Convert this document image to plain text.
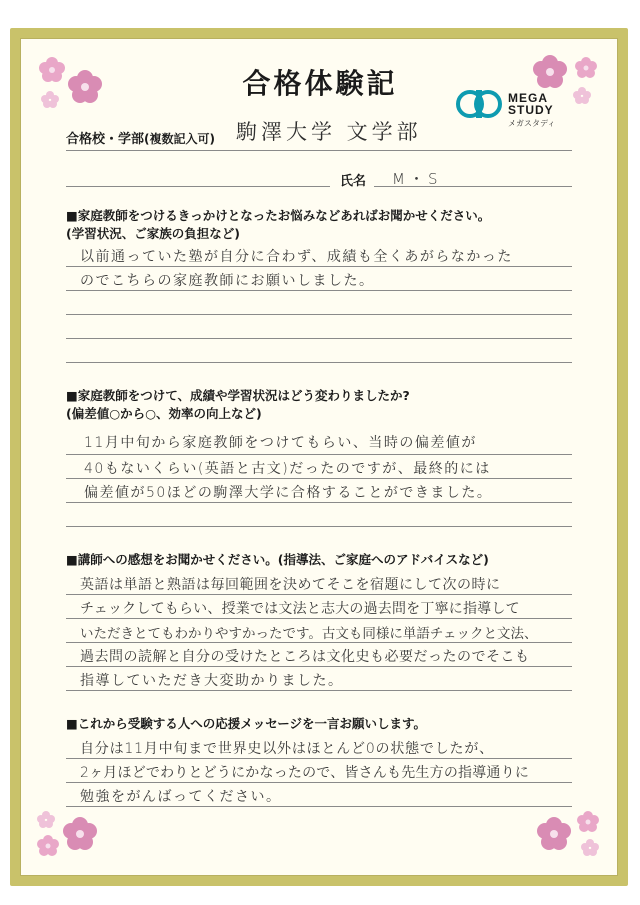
合格体験記	MEGA
STUDY
メガスタディ
合格校・学部(複数記入可) 駒澤大学 文学部
氏名 M・S
■家庭教師をつけるきっかけとなったお悩みなどあればお聞かせください。
(学習状況、ご家族の負担など)
以前通っていた塾が自分に合わず、成績も全くあがらなかった
のでこちらの家庭教師にお願いしました。
■家庭教師をつけて、成績や学習状況はどう変わりましたか?
(偏差値○から○、効率の向上など)
11月中旬から家庭教師をつけてもらい、当時の偏差値が
40もないくらい(英語と古文)だったのですが、最終的には
偏差値が50ほどの駒澤大学に合格することができました。
■講師への感想をお聞かせください。(指導法、ご家庭へのアドバイスなど)
英語は単語と熟語は毎回範囲を決めてそこを宿題にして次の時に
チェックしてもらい、授業では文法と志大の過去問を丁寧に指導して
いただきとてもわかりやすかったです。古文も同様に単語チェックと文法、
過去問の読解と自分の受けたところは文化史も必要だったのでそこも
指導していただき大変助かりました。
■これから受験する人への応援メッセージを一言お願いします。
自分は11月中旬まで世界史以外はほとんど0の状態でしたが、
2ヶ月ほどでわりとどうにかなったので、皆さんも先生方の指導通りに
勉強をがんばってください。
